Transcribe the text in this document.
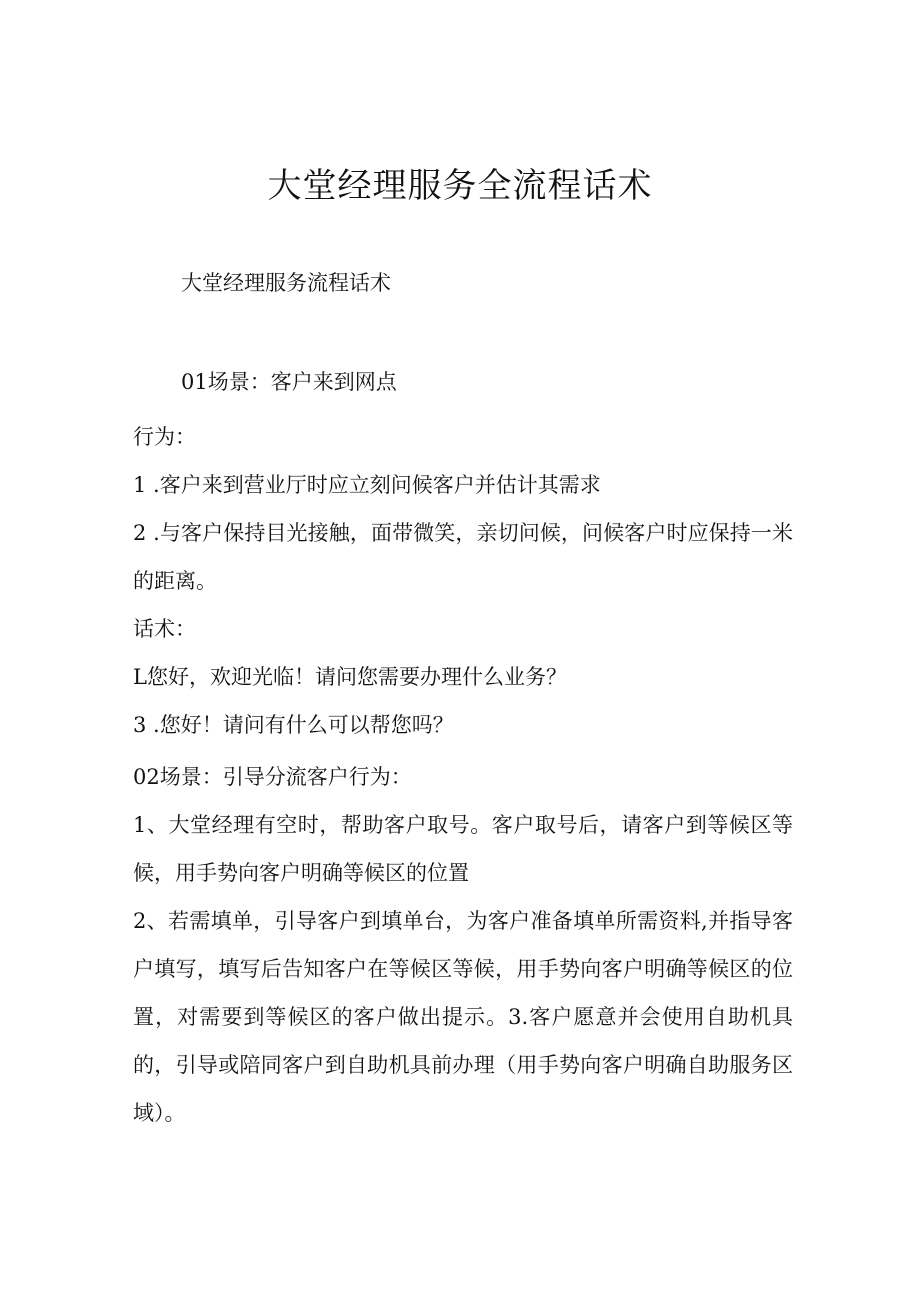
大堂经理服务全流程话术
大堂经理服务流程话术
01场景：客户来到网点

行为：

1 .客户来到营业厅时应立刻问候客户并估计其需求

2 .与客户保持目光接触，面带微笑，亲切问候，问候客户时应保持一米的距离。

话术：

L您好，欢迎光临！请问您需要办理什么业务？

3 .您好！请问有什么可以帮您吗？

02场景：引导分流客户行为：

1、大堂经理有空时，帮助客户取号。客户取号后，请客户到等候区等候，用手势向客户明确等候区的位置

2、若需填单，引导客户到填单台，为客户准备填单所需资料,并指导客户填写，填写后告知客户在等候区等候，用手势向客户明确等候区的位置，对需要到等候区的客户做出提示。3.客户愿意并会使用自助机具的，引导或陪同客户到自助机具前办理（用手势向客户明确自助服务区域）。
